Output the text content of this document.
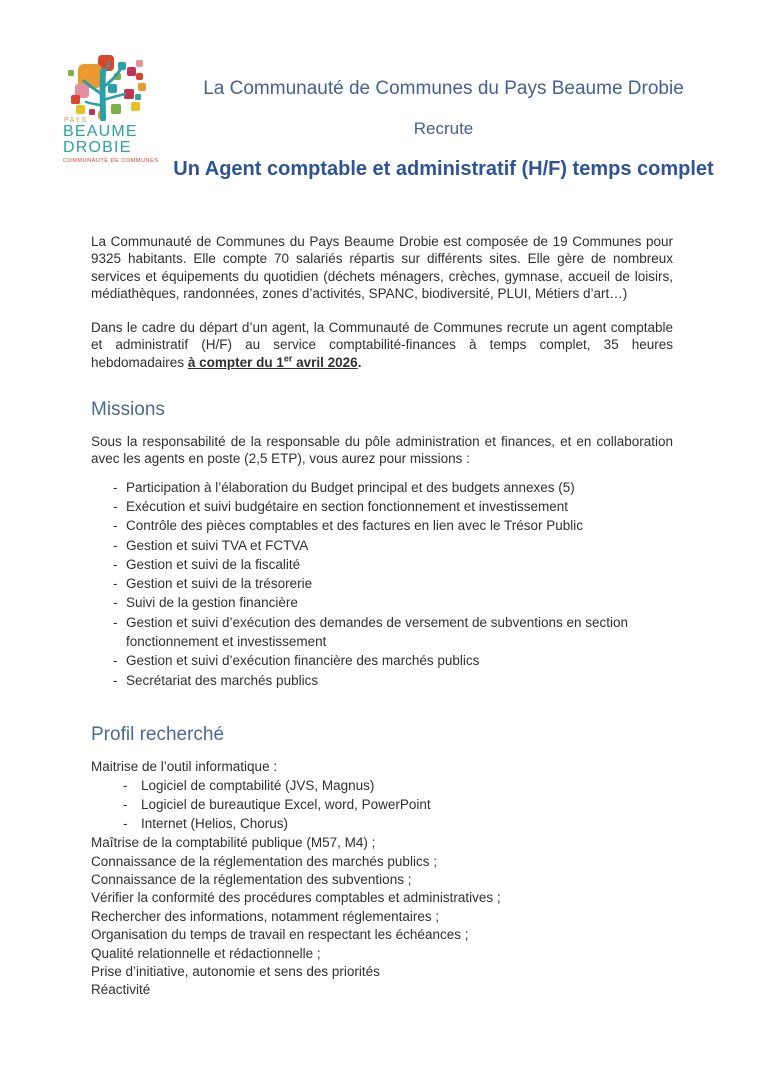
PAYS
BEAUME
DROBIE
COMMUNAUTÉ DE COMMUNES
La Communauté de Communes du Pays Beaume Drobie
Recrute
Un Agent comptable et administratif (H/F) temps complet

La Communauté de Communes du Pays Beaume Drobie est composée de 19 Communes pour 9325 habitants. Elle compte 70 salariés répartis sur différents sites. Elle gère de nombreux services et équipements du quotidien (déchets ménagers, crèches, gymnase, accueil de loisirs, médiathèques, randonnées, zones d’activités, SPANC, biodiversité, PLUI, Métiers d’art…)

Dans le cadre du départ d’un agent, la Communauté de Communes recrute un agent comptable et administratif (H/F) au service comptabilité-finances à temps complet, 35 heures hebdomadaires à compter du 1er avril 2026.

Missions

Sous la responsabilité de la responsable du pôle administration et finances, et en collaboration avec les agents en poste (2,5 ETP), vous aurez pour missions :

- Participation à l’élaboration du Budget principal et des budgets annexes (5)
- Exécution et suivi budgétaire en section fonctionnement et investissement
- Contrôle des pièces comptables et des factures en lien avec le Trésor Public
- Gestion et suivi TVA et FCTVA
- Gestion et suivi de la fiscalité
- Gestion et suivi de la trésorerie
- Suivi de la gestion financière
- Gestion et suivi d’exécution des demandes de versement de subventions en section fonctionnement et investissement
- Gestion et suivi d’exécution financière des marchés publics
- Secrétariat des marchés publics
Profil recherché

Maitrise de l’outil informatique :

-	Logiciel de comptabilité (JVS, Magnus)
-	Logiciel de bureautique Excel, word, PowerPoint
-	Internet (Helios, Chorus)
Maîtrise de la comptabilité publique (M57, M4) ;
Connaissance de la réglementation des marchés publics ;
Connaissance de la réglementation des subventions ;
Vérifier la conformité des procédures comptables et administratives ;
Rechercher des informations, notamment réglementaires ;
Organisation du temps de travail en respectant les échéances ;
Qualité relationnelle et rédactionnelle ;
Prise d’initiative, autonomie et sens des priorités
Réactivité
